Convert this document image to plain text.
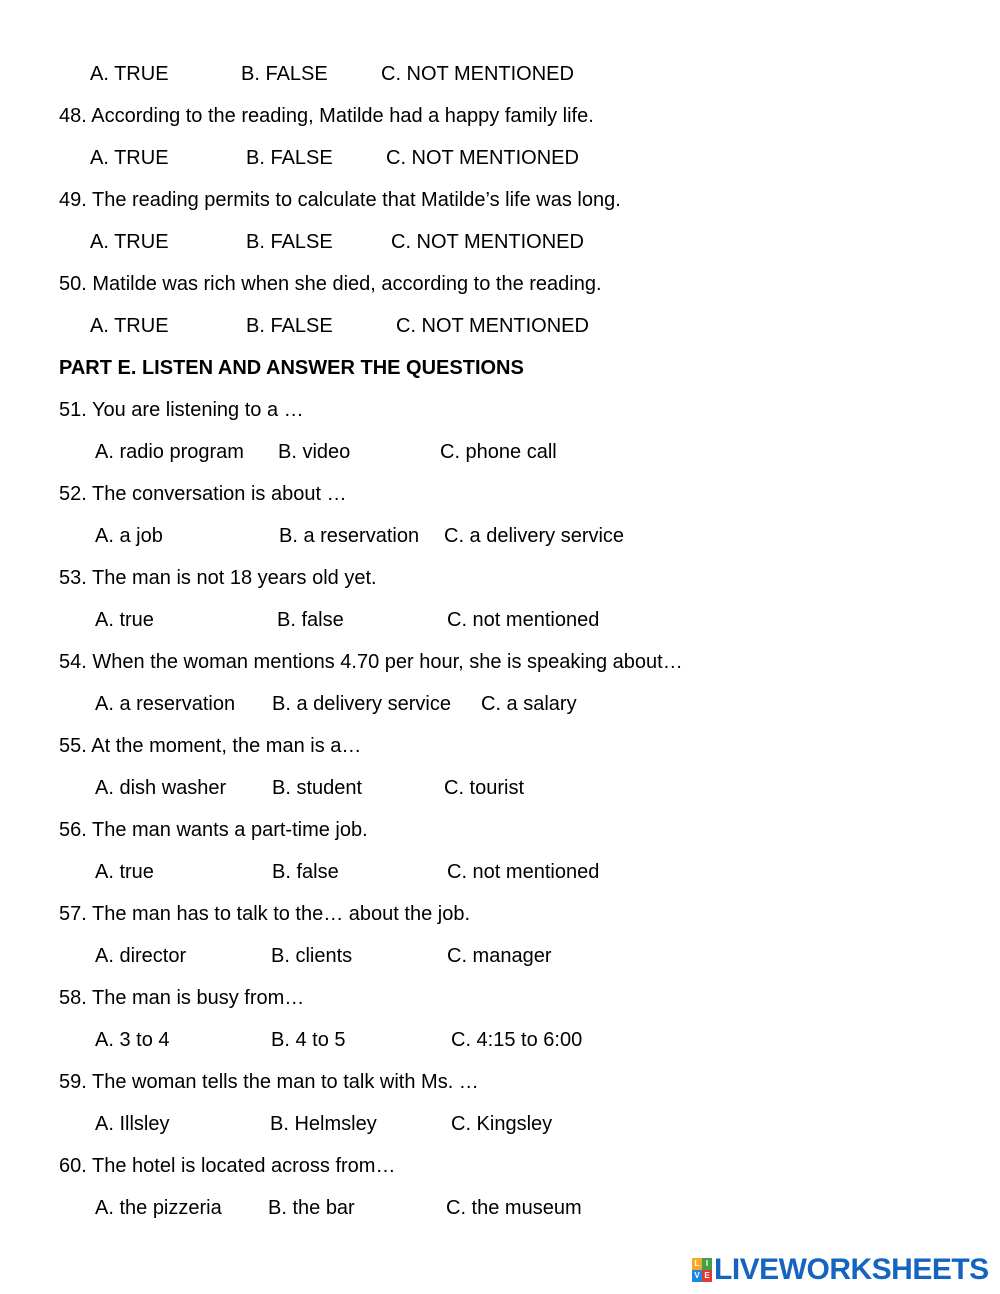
A. TRUE	B. FALSE	C. NOT MENTIONED
48. According to the reading, Matilde had a happy family life.
A. TRUE	B. FALSE	C. NOT MENTIONED
49. The reading permits to calculate that Matilde’s life was long.
A. TRUE	B. FALSE	C. NOT MENTIONED
50. Matilde was rich when she died, according to the reading.
A. TRUE	B. FALSE	C. NOT MENTIONED
PART E. LISTEN AND ANSWER THE QUESTIONS
51. You are listening to a …
A. radio program B. video	C. phone call
52. The conversation is about …
A. a job	B. a reservation C. a delivery service
53. The man is not 18 years old yet.
A. true	B. false	C. not mentioned
54. When the woman mentions 4.70 per hour, she is speaking about…
A. a reservation B. a delivery service C. a salary
55. At the moment, the man is a…
A. dish washer B. student	C. tourist
56. The man wants a part-time job.
A. true	B. false	C. not mentioned
57. The man has to talk to the… about the job.
A. director	B. clients	C. manager
58. The man is busy from…
A. 3 to 4	B. 4 to 5	C. 4:15 to 6:00
59. The woman tells the man to talk with Ms. …
A. Illsley	B. Helmsley	C. Kingsley
60. The hotel is located across from…
A. the pizzeria B. the bar	C. the museum
L I
V E LIVEWORKSHEETS
